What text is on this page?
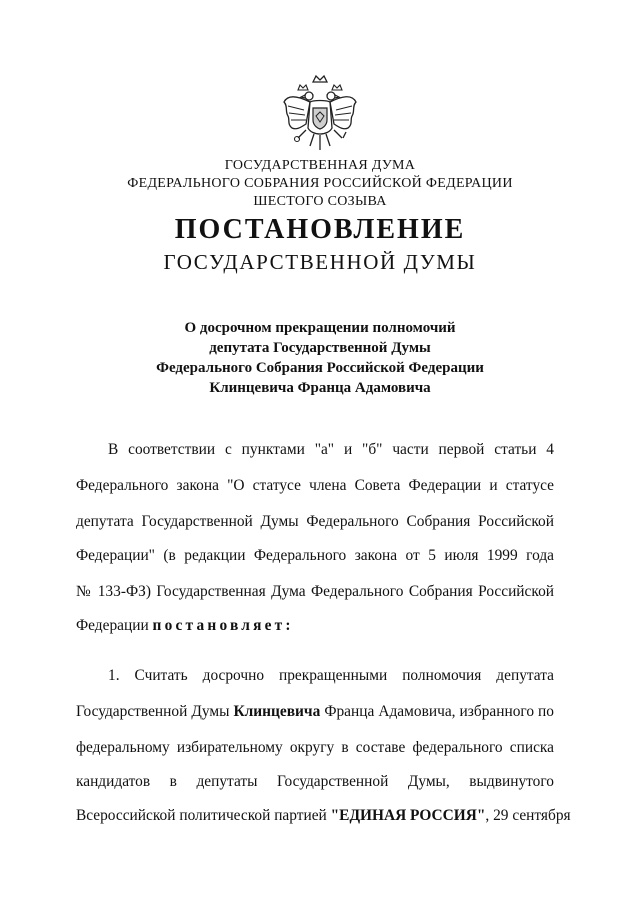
ГОСУДАРСТВЕННАЯ ДУМА
ФЕДЕРАЛЬНОГО СОБРАНИЯ РОССИЙСКОЙ ФЕДЕРАЦИИ
ШЕСТОГО СОЗЫВА
ПОСТАНОВЛЕНИЕ
ГОСУДАРСТВЕННОЙ ДУМЫ
О досрочном прекращении полномочий
депутата Государственной Думы
Федерального Собрания Российской Федерации
Клинцевича Франца Адамовича
В соответствии с пунктами "а" и "б" части первой статьи 4
Федерального закона "О статусе члена Совета Федерации и статусе
депутата Государственной Думы Федерального Собрания Российской
Федерации" (в редакции Федерального закона от 5 июля 1999 года
№ 133-ФЗ) Государственная Дума Федерального Собрания Российской
Федерации постановляет:
1. Считать досрочно прекращенными полномочия депутата
Государственной Думы Клинцевича Франца Адамовича, избранного по
федеральному избирательному округу в составе федерального списка
кандидатов в депутаты Государственной Думы, выдвинутого
Всероссийской политической партией "ЕДИНАЯ РОССИЯ", 29 сентября
